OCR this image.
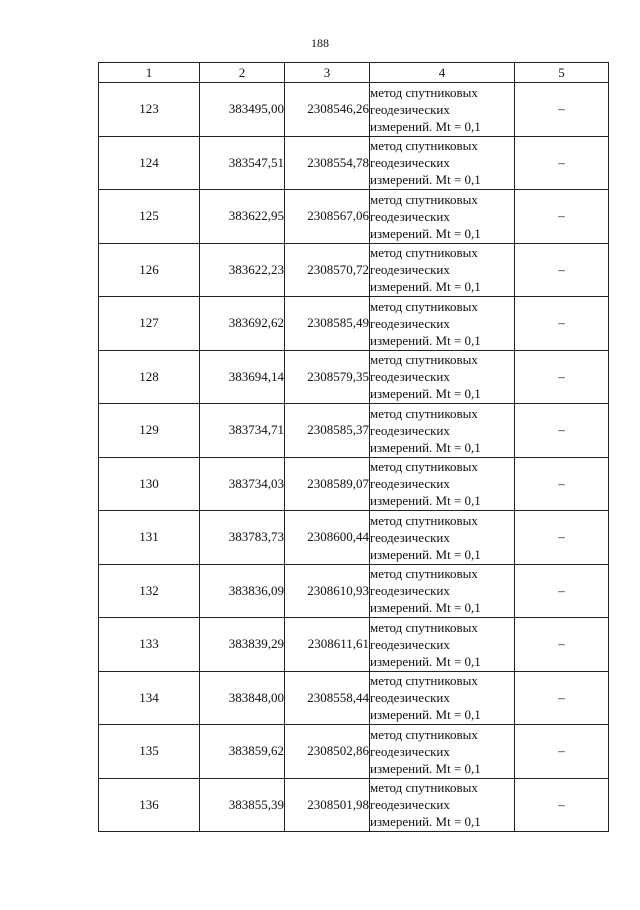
188
1	2	3	4	5
123	383495,00	2308546,26	метод спутниковых
геодезических
измерений. Mt = 0,1	–
124	383547,51	2308554,78	метод спутниковых
геодезических
измерений. Mt = 0,1	–
125	383622,95	2308567,06	метод спутниковых
геодезических
измерений. Mt = 0,1	–
126	383622,23	2308570,72	метод спутниковых
геодезических
измерений. Mt = 0,1	–
127	383692,62	2308585,49	метод спутниковых
геодезических
измерений. Mt = 0,1	–
128	383694,14	2308579,35	метод спутниковых
геодезических
измерений. Mt = 0,1	–
129	383734,71	2308585,37	метод спутниковых
геодезических
измерений. Mt = 0,1	–
130	383734,03	2308589,07	метод спутниковых
геодезических
измерений. Mt = 0,1	–
131	383783,73	2308600,44	метод спутниковых
геодезических
измерений. Mt = 0,1	–
132	383836,09	2308610,93	метод спутниковых
геодезических
измерений. Mt = 0,1	–
133	383839,29	2308611,61	метод спутниковых
геодезических
измерений. Mt = 0,1	–
134	383848,00	2308558,44	метод спутниковых
геодезических
измерений. Mt = 0,1	–
135	383859,62	2308502,86	метод спутниковых
геодезических
измерений. Mt = 0,1	–
136	383855,39	2308501,98	метод спутниковых
геодезических
измерений. Mt = 0,1	–
